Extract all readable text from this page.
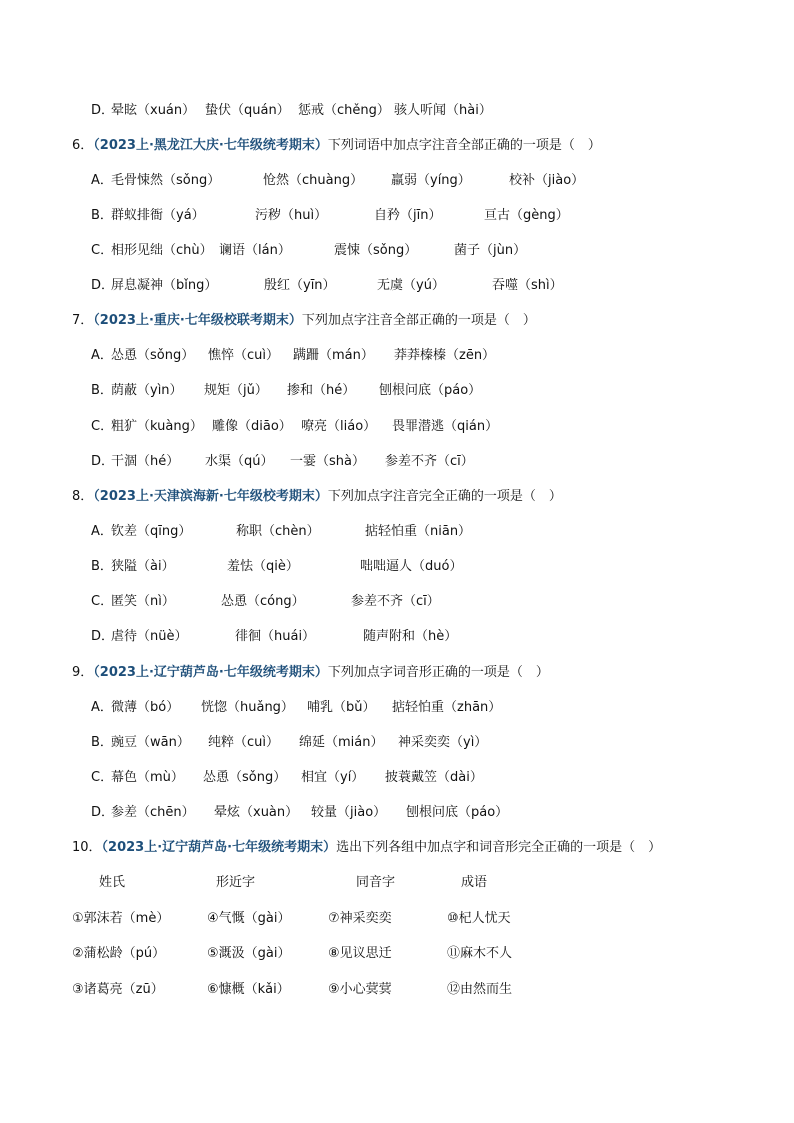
D．
晕眩（xuán） 蛰伏（quán） 惩戒（chěng） 骇人听闻（hài）
6．（2023上·黑龙江大庆·七年级统考期末）下列词语中加点字注音全部正确的一项是（　）
A．
毛骨悚然（sǒng）	怆然（chuàng） 羸弱（yíng）	校补（jiào）
B．
群蚁排衙（yá）	污秽（huì）	自矜（jīn）	亘古（gèng）
C．
相形见绌（chù） 谰语（lán）	震悚（sǒng）	菌子（jùn）
D．
屏息凝神（bǐng）	殷红（yīn）	无虞（yú）	吞噬（shì）
7．（2023上·重庆·七年级校联考期末）下列加点字注音全部正确的一项是（　）
A．
怂恿（sǒng） 憔悴（cuì） 蹒跚（mán） 莽莽榛榛（zēn）
B．
荫蔽（yìn） 规矩（jǔ） 掺和（hé） 刨根问底（páo）
C．
粗犷（kuàng） 雕像（diāo） 嘹亮（liáo） 畏罪潜逃（qián）
D．
干涸（hé） 水渠（qú） 一霎（shà） 参差不齐（cī）
8．（2023上·天津滨海新·七年级校考期末）下列加点字注音完全正确的一项是（　）
A．
钦差（qīng）	称职（chèn）	掂轻怕重（niān）
B．
狭隘（ài）	羞怯（qiè）	咄咄逼人（duó）
C．
匿笑（nì）	怂恿（cóng）	参差不齐（cī）
D．
虐待（nüè）	徘徊（huái）	随声附和（hè）
9．（2023上·辽宁葫芦岛·七年级统考期末）下列加点字词音形正确的一项是（　）
A．
微薄（bó） 恍惚（huǎng） 哺乳（bǔ） 掂轻怕重（zhān）
B．
豌豆（wān） 纯粹（cuì） 绵延（mián） 神采奕奕（yì）
C．
幕色（mù） 怂恿（sǒng） 相宜（yí） 披蓑戴笠（dài）
D．
参差（chēn） 晕炫（xuàn） 较量（jiào） 刨根问底（páo）
10．（2023上·辽宁葫芦岛·七年级统考期末）选出下列各组中加点字和词音形完全正确的一项是（　）
姓氏	形近字	同音字	成语
①郭沫若（mè）	④气慨（gài）	⑦神采奕奕	⑩杞人忧天
②蒲松龄（pú）	⑤溉汲（gài）	⑧见议思迁	⑪麻木不人
③诸葛亮（zū）	⑥慷概（kǎi）	⑨小心蓂蓂	⑫由然而生
